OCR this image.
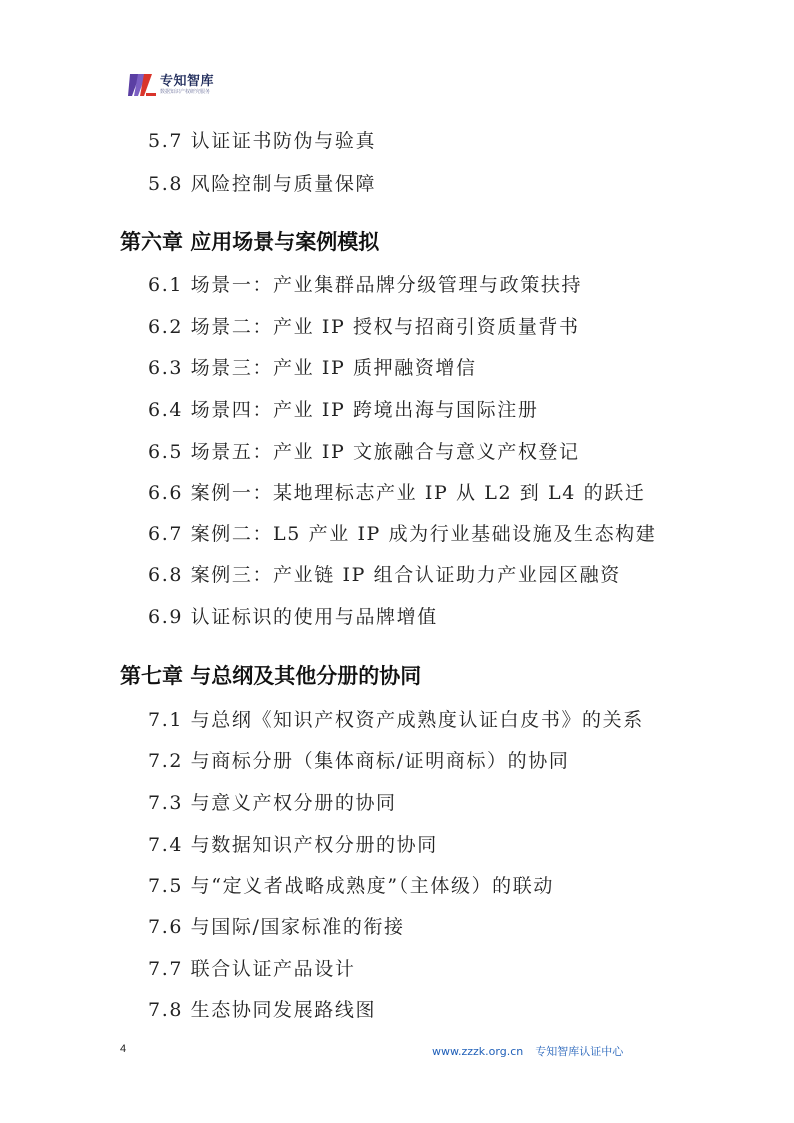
专知智库
数据知识产权研究服务
5.7 认证证书防伪与验真
5.8 风险控制与质量保障
第六章 应用场景与案例模拟
6.1 场景一：产业集群品牌分级管理与政策扶持
6.2 场景二：产业 IP 授权与招商引资质量背书
6.3 场景三：产业 IP 质押融资增信
6.4 场景四：产业 IP 跨境出海与国际注册
6.5 场景五：产业 IP 文旅融合与意义产权登记
6.6 案例一：某地理标志产业 IP 从 L2 到 L4 的跃迁
6.7 案例二：L5 产业 IP 成为行业基础设施及生态构建
6.8 案例三：产业链 IP 组合认证助力产业园区融资
6.9 认证标识的使用与品牌增值
第七章 与总纲及其他分册的协同
7.1 与总纲《知识产权资产成熟度认证白皮书》的关系
7.2 与商标分册（集体商标/证明商标）的协同
7.3 与意义产权分册的协同
7.4 与数据知识产权分册的协同
7.5 与“定义者战略成熟度”（主体级）的联动
7.6 与国际/国家标准的衔接
7.7 联合认证产品设计
7.8 生态协同发展路线图
4	www.zzzk.org.cn 专知智库认证中心
